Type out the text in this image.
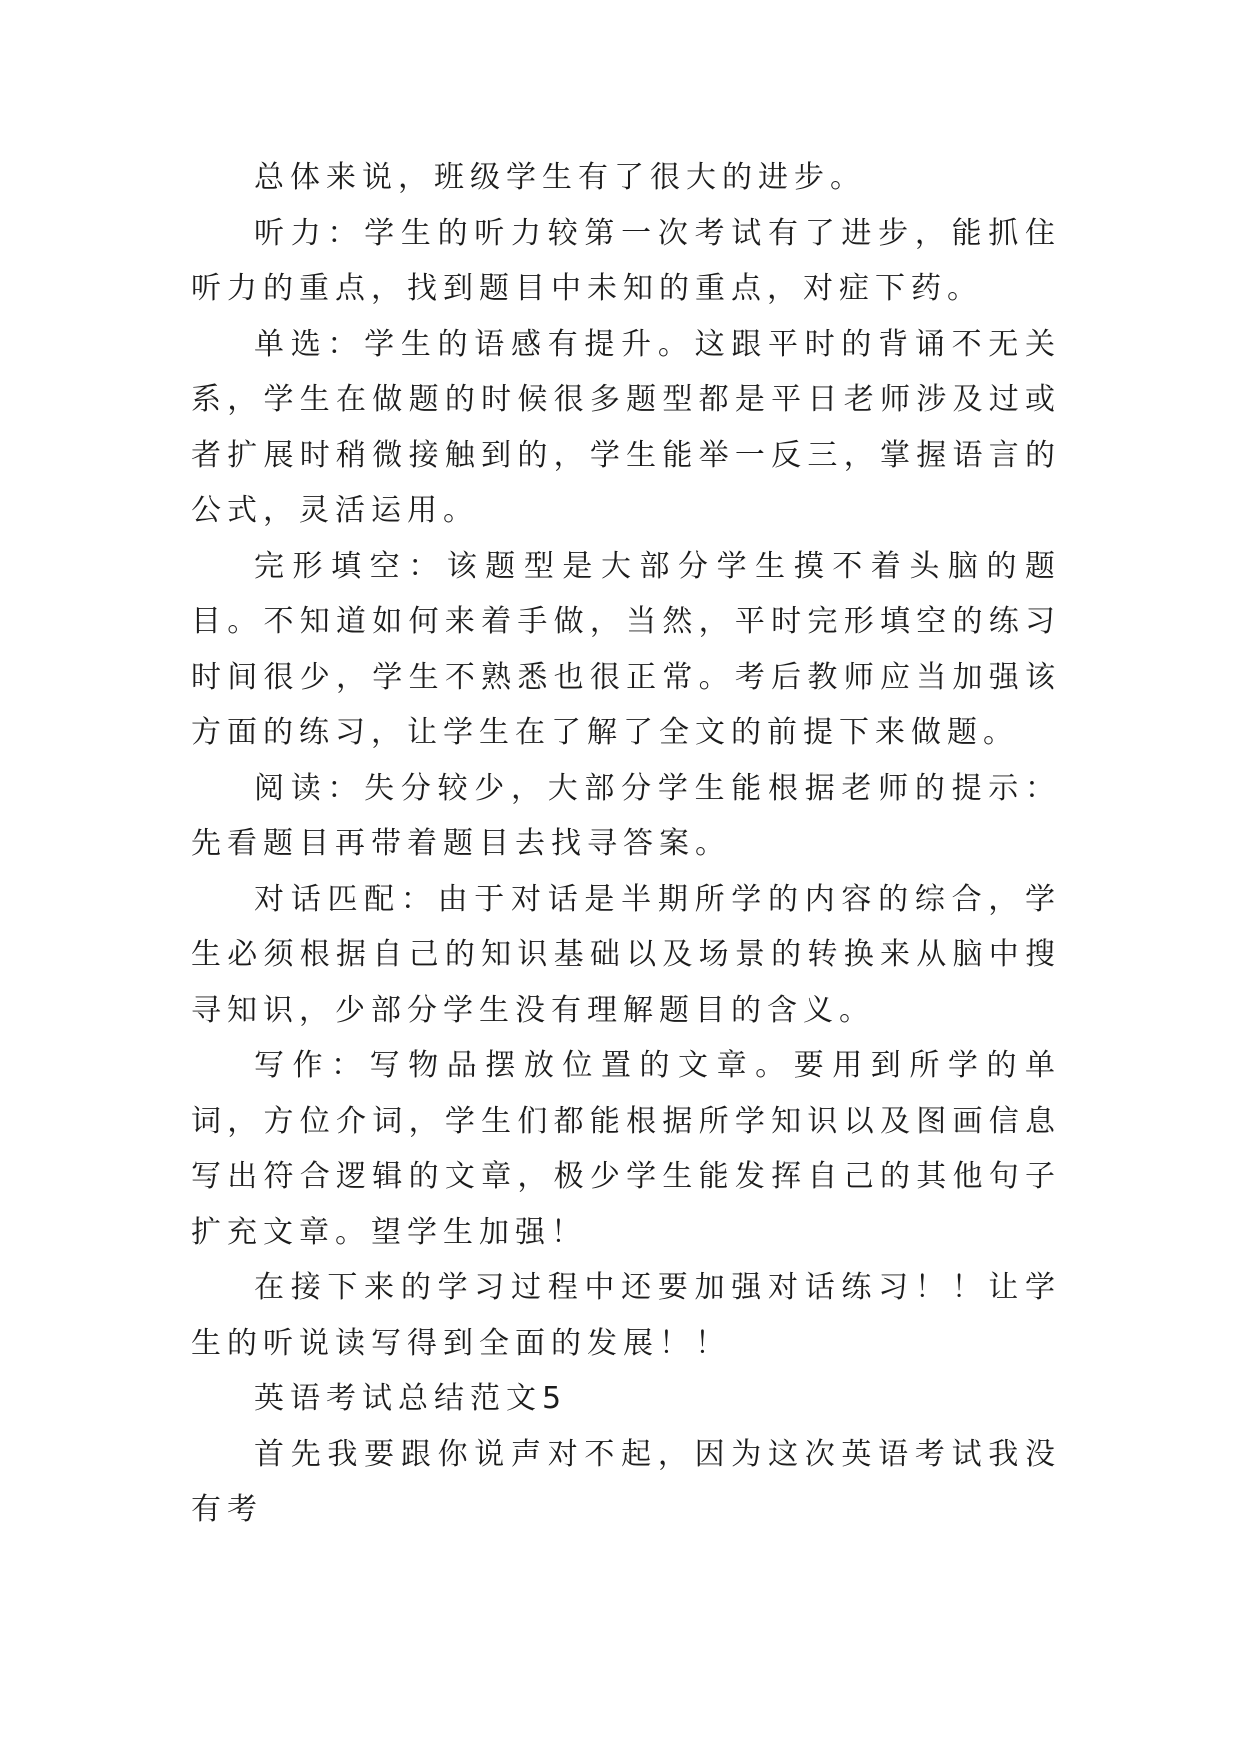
总体来说，班级学生有了很大的进步。

听力：学生的听力较第一次考试有了进步，能抓住听力的重点，找到题目中未知的重点，对症下药。

单选：学生的语感有提升。这跟平时的背诵不无关系，学生在做题的时候很多题型都是平日老师涉及过或者扩展时稍微接触到的，学生能举一反三，掌握语言的公式，灵活运用。

完形填空：该题型是大部分学生摸不着头脑的题目。不知道如何来着手做，当然，平时完形填空的练习时间很少，学生不熟悉也很正常。考后教师应当加强该方面的练习，让学生在了解了全文的前提下来做题。

阅读：失分较少，大部分学生能根据老师的提示：先看题目再带着题目去找寻答案。

对话匹配：由于对话是半期所学的内容的综合，学生必须根据自己的知识基础以及场景的转换来从脑中搜寻知识，少部分学生没有理解题目的含义。

写作：写物品摆放位置的文章。要用到所学的单词，方位介词，学生们都能根据所学知识以及图画信息写出符合逻辑的文章，极少学生能发挥自己的其他句子扩充文章。望学生加强！

在接下来的学习过程中还要加强对话练习！！让学生的听说读写得到全面的发展！！

英语考试总结范文5

首先我要跟你说声对不起，因为这次英语考试我没有考
